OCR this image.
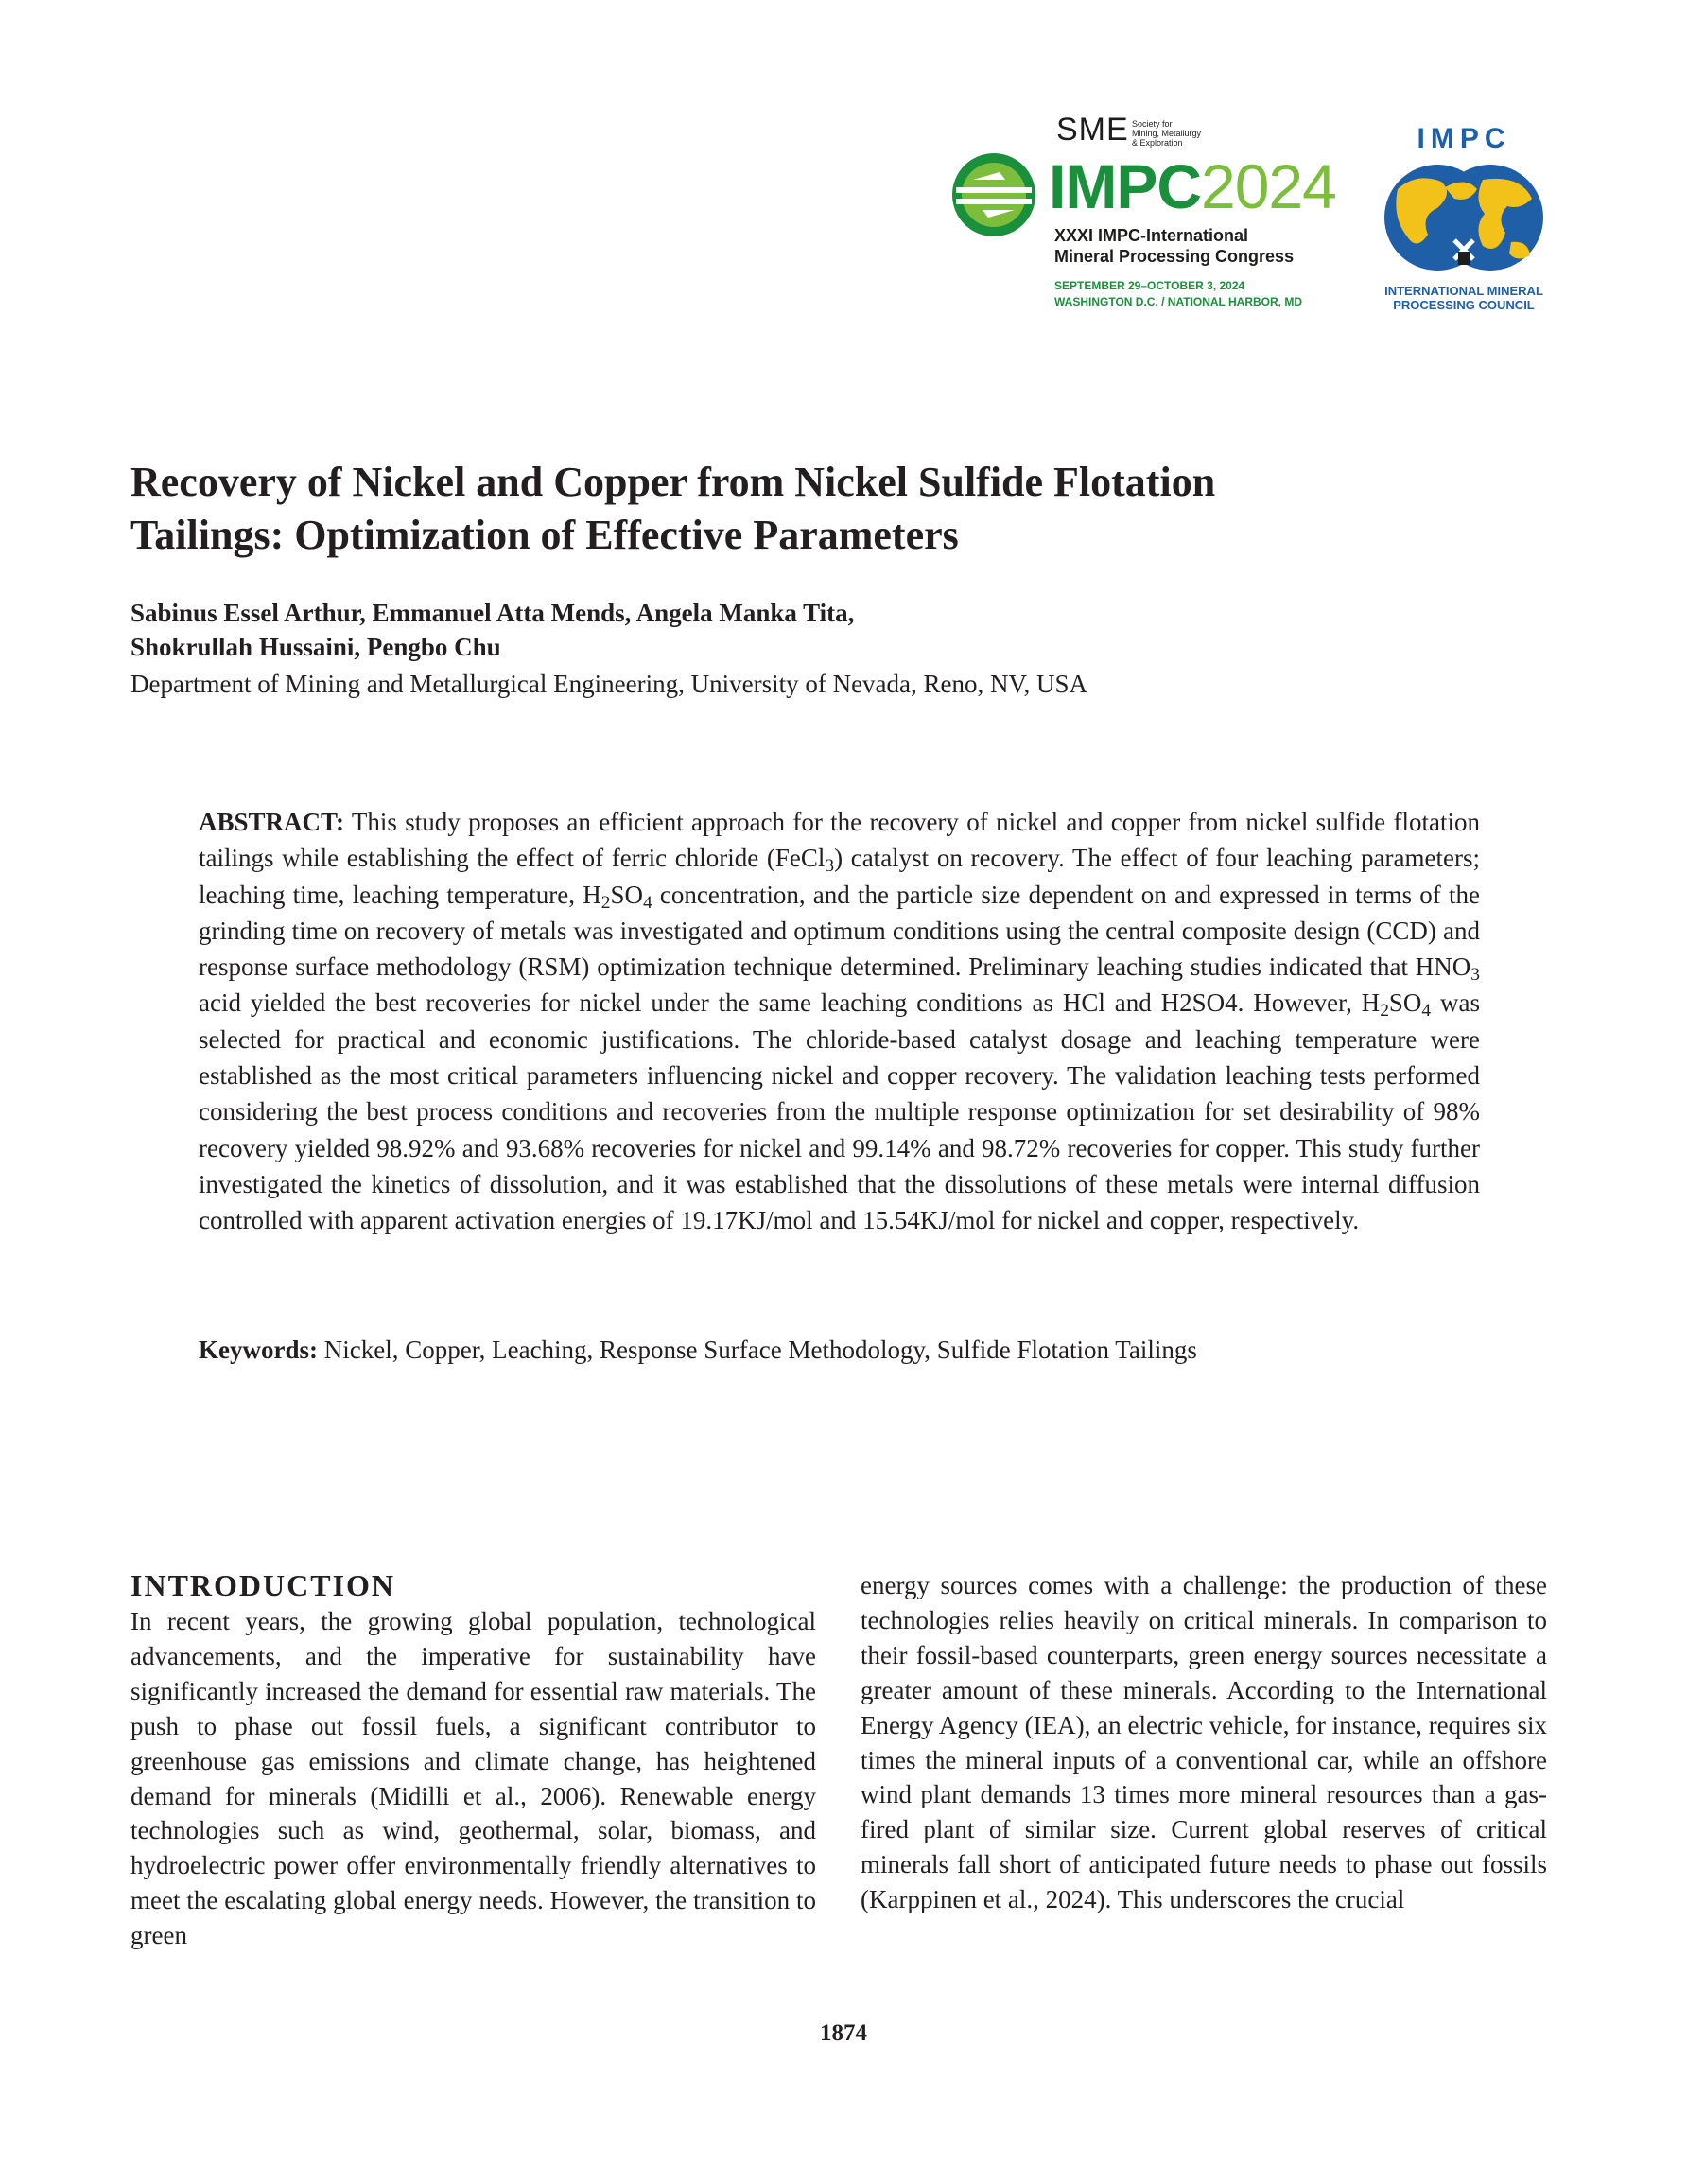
SME Society for
Mining, Metallurgy
& Exploration
IMPC2024
XXXI IMPC-International
Mineral Processing Congress
SEPTEMBER 29–OCTOBER 3, 2024
WASHINGTON D.C. / NATIONAL HARBOR, MD
IMPC
INTERNATIONAL MINERAL
PROCESSING COUNCIL
Recovery of Nickel and Copper from Nickel Sulfide Flotation
Tailings: Optimization of Effective Parameters
Sabinus Essel Arthur, Emmanuel Atta Mends, Angela Manka Tita,
Shokrullah Hussaini, Pengbo Chu
Department of Mining and Metallurgical Engineering, University of Nevada, Reno, NV, USA
ABSTRACT: This study proposes an efficient approach for the recovery of nickel and copper from nickel sulfide flotation tailings while establishing the effect of ferric chloride (FeCl$_3$) catalyst on recovery. The effect of four leaching parameters; leaching time, leaching temperature, $H_2SO_4$ concentration, and the particle size dependent on and expressed in terms of the grinding time on recovery of metals was investigated and optimum conditions using the central composite design (CCD) and response surface methodology (RSM) optimization technique determined. Preliminary leaching studies indicated that $HNO_3$ acid yielded the best recoveries for nickel under the same leaching conditions as HCl and H2SO4. However, $H_2SO_4$ was selected for practical and economic justifications. The chloride-based catalyst dosage and leaching temperature were established as the most critical parameters influencing nickel and copper recovery. The validation leaching tests performed considering the best process conditions and recoveries from the multiple response optimization for set desirability of 98% recovery yielded 98.92% and 93.68% recoveries for nickel and 99.14% and 98.72% recoveries for copper. This study further investigated the kinetics of dissolution, and it was established that the dissolutions of these metals were internal diffusion controlled with apparent activation energies of 19.17KJ/mol and 15.54KJ/mol for nickel and copper, respectively.
Keywords: Nickel, Copper, Leaching, Response Surface Methodology, Sulfide Flotation Tailings
INTRODUCTION
In recent years, the growing global population, technological advancements, and the imperative for sustainability have significantly increased the demand for essential raw materials. The push to phase out fossil fuels, a significant contributor to greenhouse gas emissions and climate change, has heightened demand for minerals (Midilli et al., 2006). Renewable energy technologies such as wind, geothermal, solar, biomass, and hydroelectric power offer environmentally friendly alternatives to meet the escalating global energy needs. However, the transition to green
energy sources comes with a challenge: the production of these technologies relies heavily on critical minerals. In comparison to their fossil-based counterparts, green energy sources necessitate a greater amount of these minerals. According to the International Energy Agency (IEA), an electric vehicle, for instance, requires six times the mineral inputs of a conventional car, while an offshore wind plant demands 13 times more mineral resources than a gas-fired plant of similar size. Current global reserves of critical minerals fall short of anticipated future needs to phase out fossils (Karppinen et al., 2024). This underscores the crucial
1874
